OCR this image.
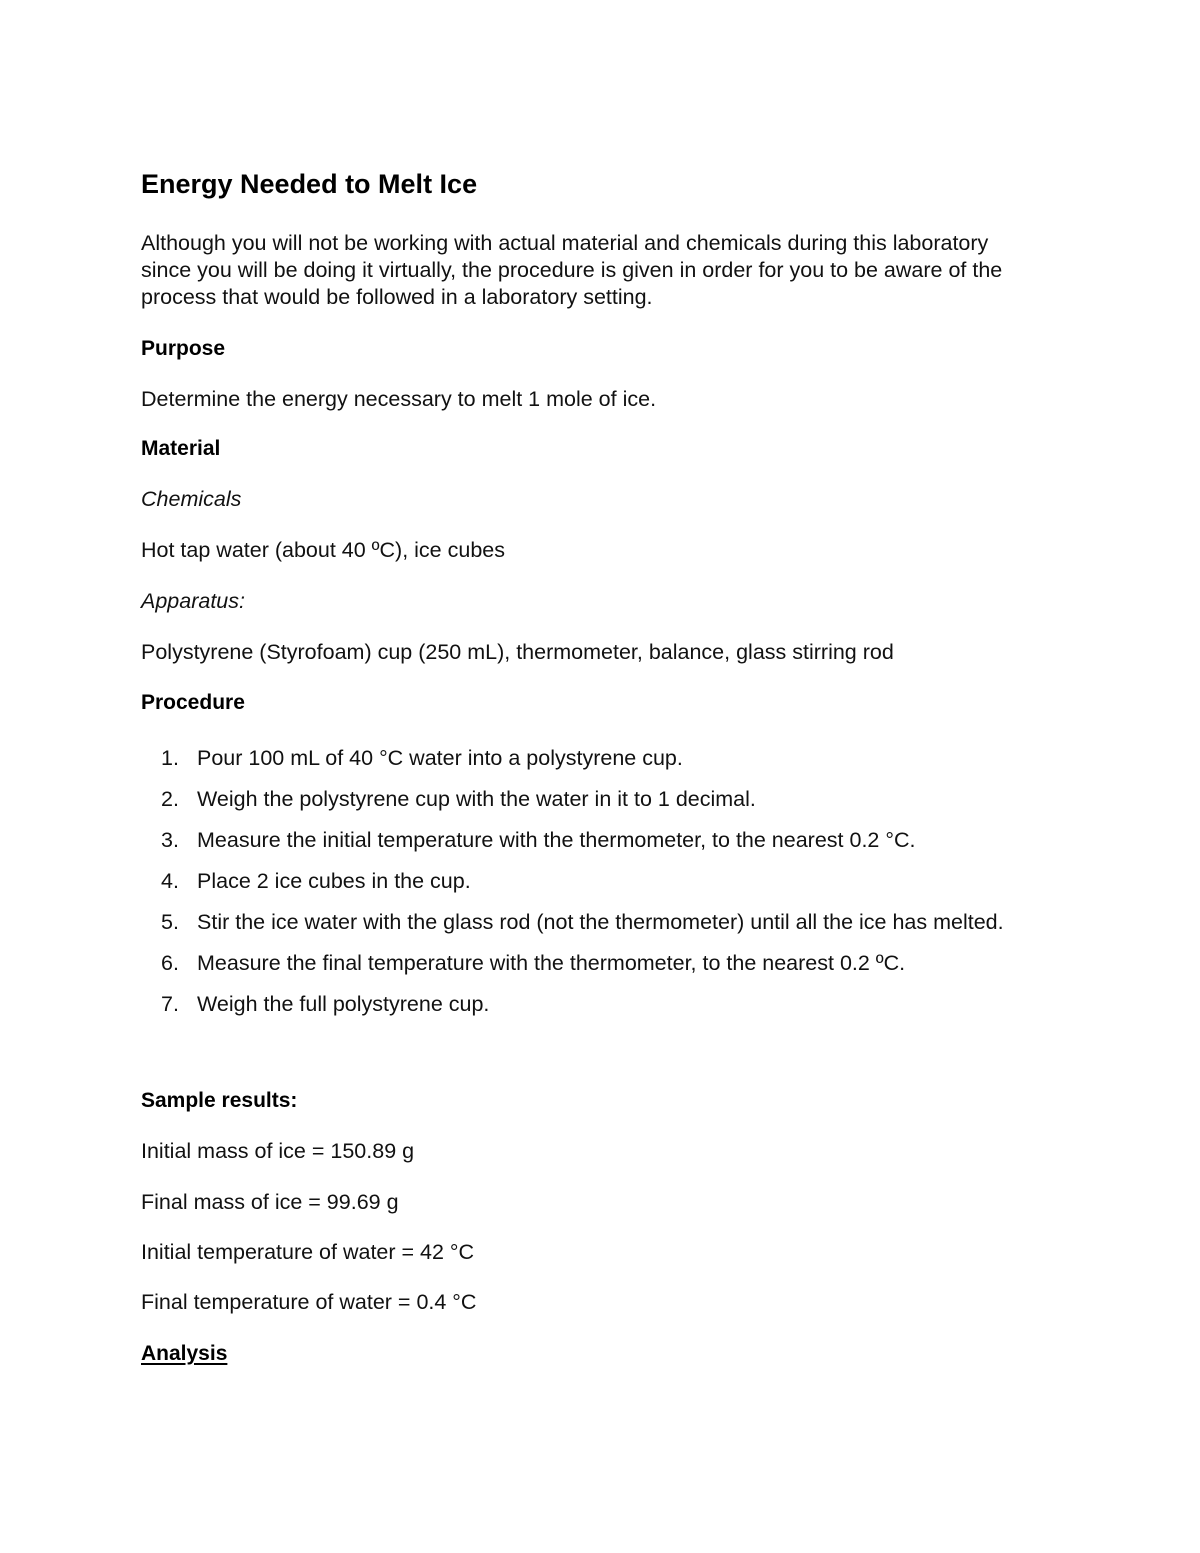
Energy Needed to Melt Ice

Although you will not be working with actual material and chemicals during this laboratory since you will be doing it virtually, the procedure is given in order for you to be aware of the process that would be followed in a laboratory setting.

Purpose
Determine the energy necessary to melt 1 mole of ice.
Material
Chemicals
Hot tap water (about 40 ºC), ice cubes
Apparatus:
Polystyrene (Styrofoam) cup (250 mL), thermometer, balance, glass stirring rod
Procedure
1. Pour 100 mL of 40 °C water into a polystyrene cup.
2. Weigh the polystyrene cup with the water in it to 1 decimal.
3. Measure the initial temperature with the thermometer, to the nearest 0.2 °C.
4. Place 2 ice cubes in the cup.
5. Stir the ice water with the glass rod (not the thermometer) until all the ice has melted.
6. Measure the final temperature with the thermometer, to the nearest 0.2 ºC.
7. Weigh the full polystyrene cup.
Sample results:
Initial mass of ice = 150.89 g
Final mass of ice = 99.69 g
Initial temperature of water = 42 °C
Final temperature of water = 0.4 °C
Analysis
